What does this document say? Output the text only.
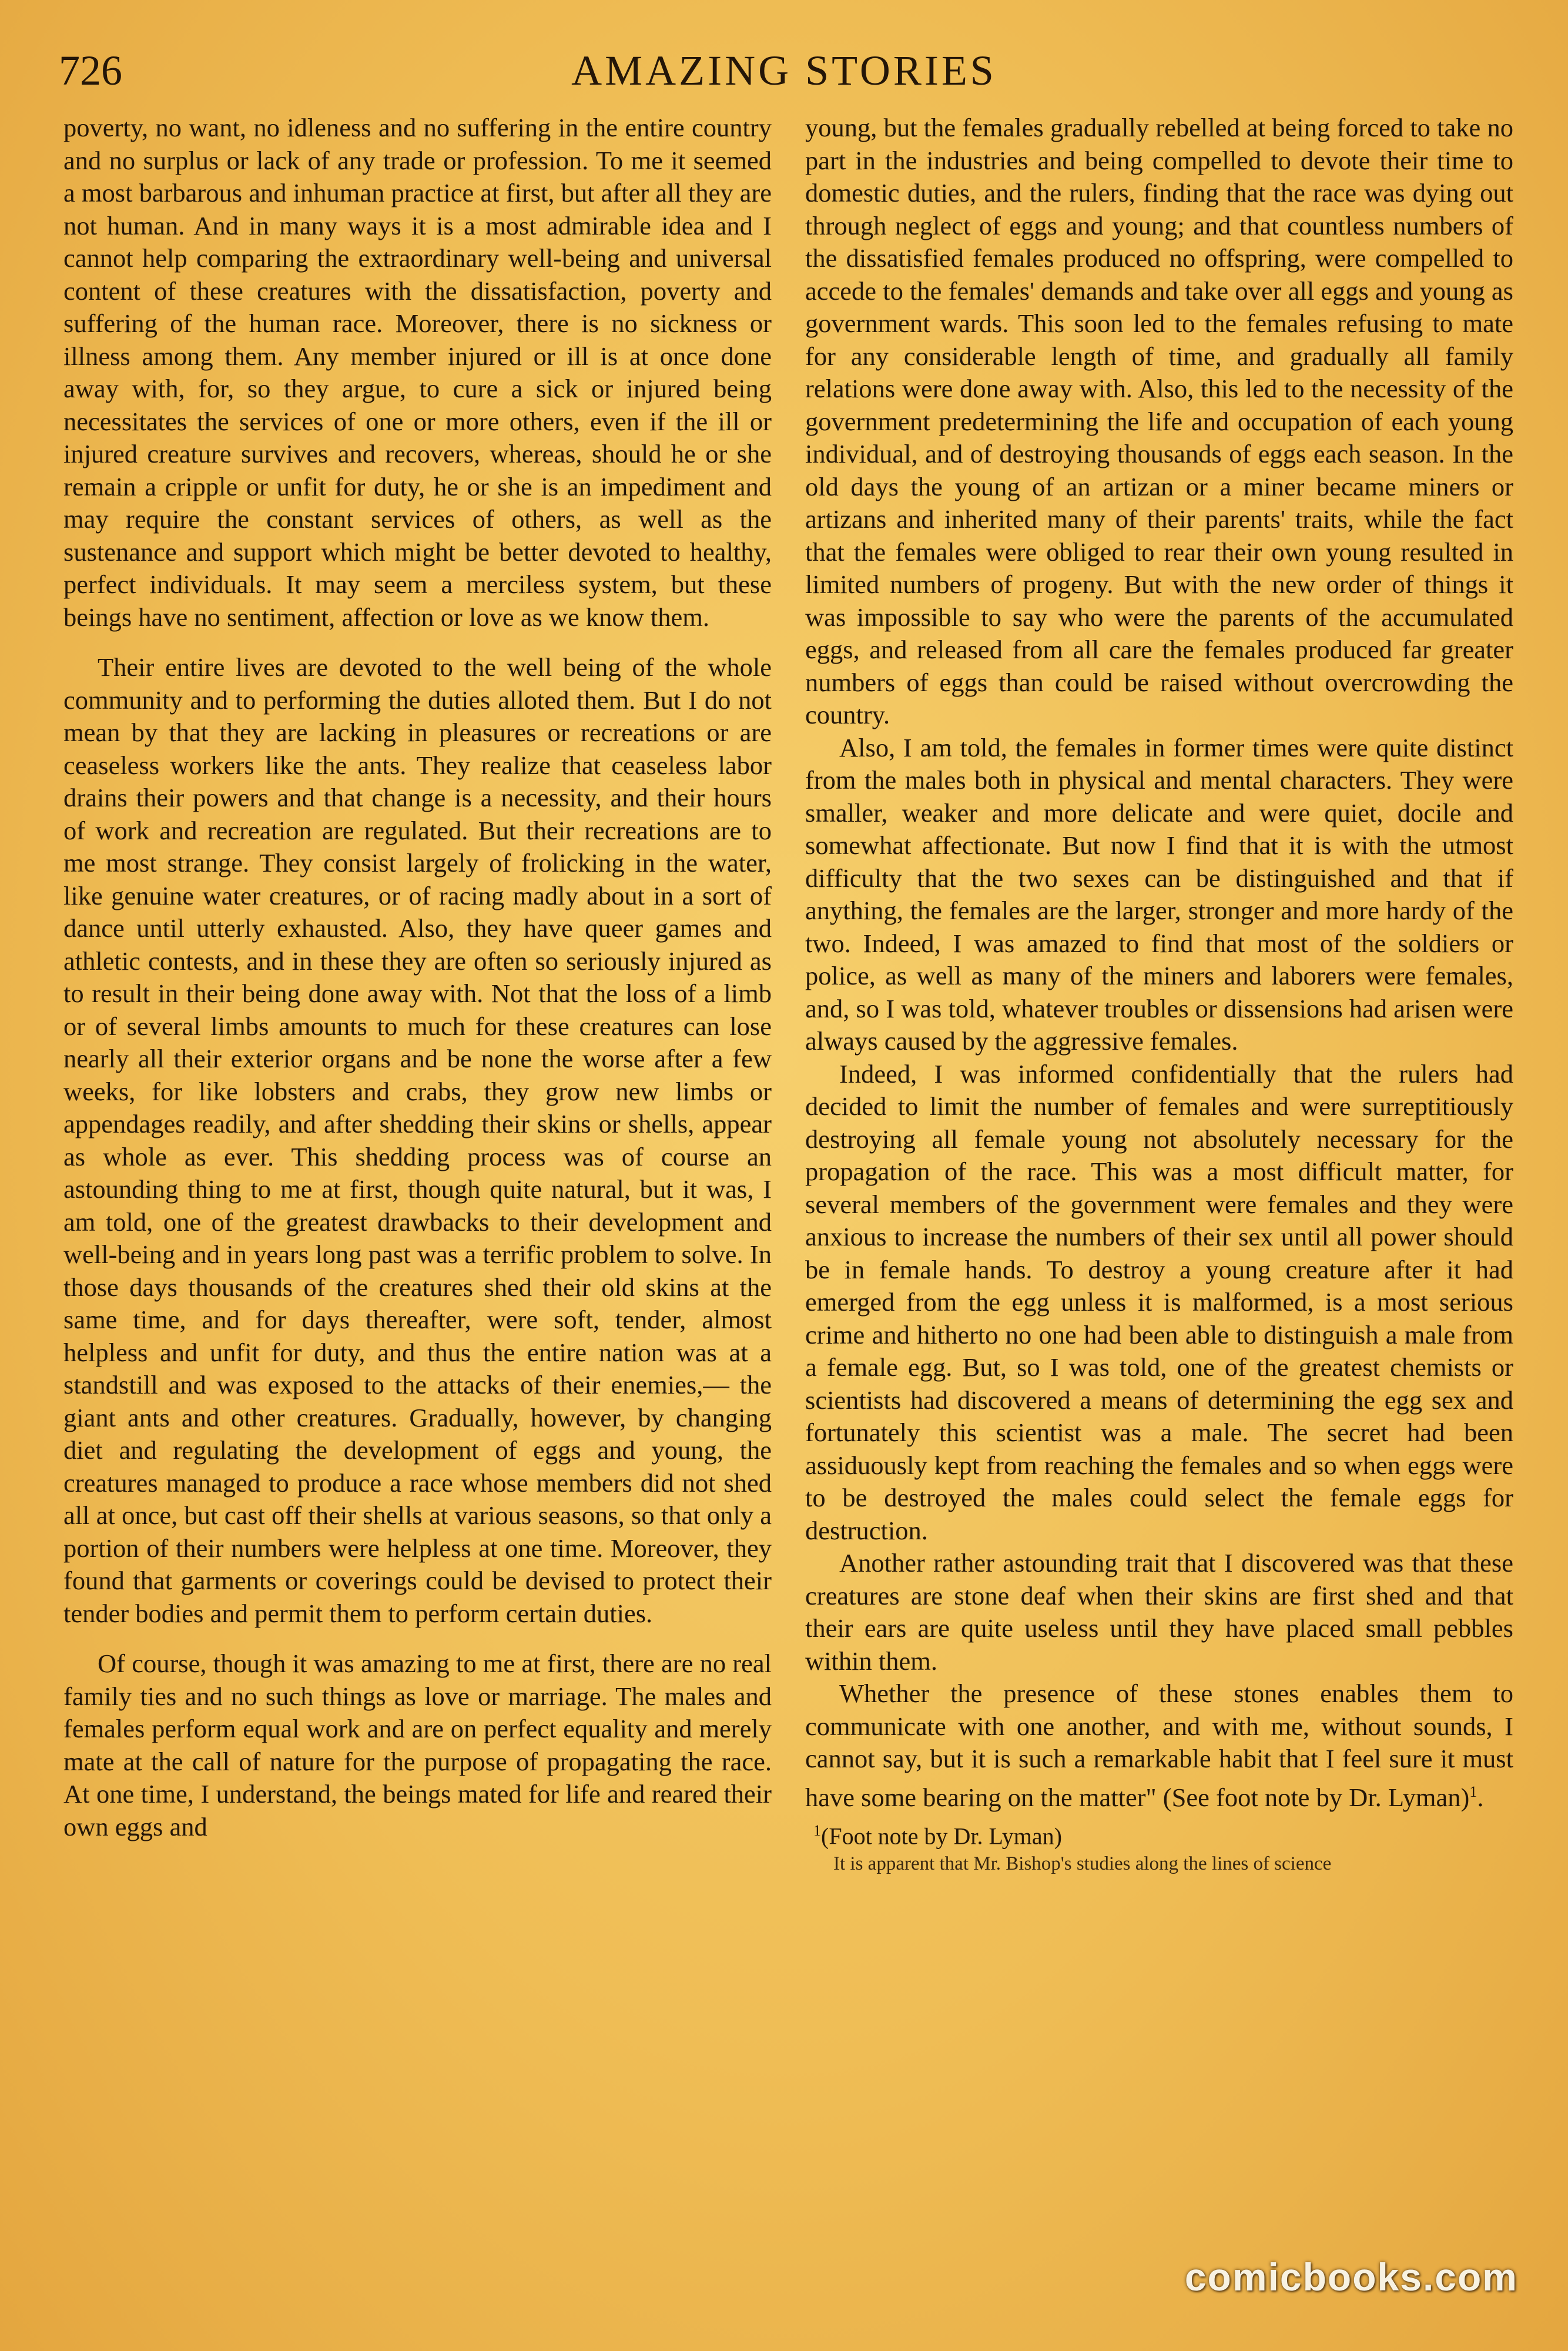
726	AMAZING STORIES

poverty, no want, no idleness and no suffering in the entire country and no surplus or lack of any trade or profession. To me it seemed a most barbarous and inhuman practice at first, but after all they are not human. And in many ways it is a most admirable idea and I cannot help comparing the extraordinary well-being and universal content of these creatures with the dissatisfaction, poverty and suffering of the human race. Moreover, there is no sickness or illness among them. Any member injured or ill is at once done away with, for, so they argue, to cure a sick or injured being necessitates the services of one or more others, even if the ill or injured creature survives and recovers, whereas, should he or she remain a cripple or unfit for duty, he or she is an impediment and may require the constant services of others, as well as the sustenance and support which might be better devoted to healthy, perfect individuals. It may seem a merciless system, but these beings have no sentiment, affection or love as we know them.

Their entire lives are devoted to the well being of the whole community and to performing the duties alloted them. But I do not mean by that they are lacking in pleasures or recreations or are ceaseless workers like the ants. They realize that ceaseless labor drains their powers and that change is a necessity, and their hours of work and recreation are regulated. But their recreations are to me most strange. They consist largely of frolicking in the water, like genuine water creatures, or of racing madly about in a sort of dance until utterly exhausted. Also, they have queer games and athletic contests, and in these they are often so seriously injured as to result in their being done away with. Not that the loss of a limb or of several limbs amounts to much for these creatures can lose nearly all their exterior organs and be none the worse after a few weeks, for like lobsters and crabs, they grow new limbs or appendages readily, and after shedding their skins or shells, appear as whole as ever. This shedding process was of course an astounding thing to me at first, though quite natural, but it was, I am told, one of the greatest drawbacks to their development and well-being and in years long past was a terrific problem to solve. In those days thousands of the creatures shed their old skins at the same time, and for days thereafter, were soft, tender, almost helpless and unfit for duty, and thus the entire nation was at a standstill and was exposed to the attacks of their enemies,— the giant ants and other creatures. Gradually, however, by changing diet and regulating the development of eggs and young, the creatures managed to produce a race whose members did not shed all at once, but cast off their shells at various seasons, so that only a portion of their numbers were helpless at one time. Moreover, they found that garments or coverings could be devised to protect their tender bodies and permit them to perform certain duties.

Of course, though it was amazing to me at first, there are no real family ties and no such things as love or marriage. The males and females perform equal work and are on perfect equality and merely mate at the call of nature for the purpose of propagating the race. At one time, I understand, the beings mated for life and reared their own eggs and

young, but the females gradually rebelled at being forced to take no part in the industries and being compelled to devote their time to domestic duties, and the rulers, finding that the race was dying out through neglect of eggs and young; and that countless numbers of the dissatisfied females produced no offspring, were compelled to accede to the females' demands and take over all eggs and young as government wards. This soon led to the females refusing to mate for any considerable length of time, and gradually all family relations were done away with. Also, this led to the necessity of the government predetermining the life and occupation of each young individual, and of destroying thousands of eggs each season. In the old days the young of an artizan or a miner became miners or artizans and inherited many of their parents' traits, while the fact that the females were obliged to rear their own young resulted in limited numbers of progeny. But with the new order of things it was impossible to say who were the parents of the accumulated eggs, and released from all care the females produced far greater numbers of eggs than could be raised without overcrowding the country.

Also, I am told, the females in former times were quite distinct from the males both in physical and mental characters. They were smaller, weaker and more delicate and were quiet, docile and somewhat affectionate. But now I find that it is with the utmost difficulty that the two sexes can be distinguished and that if anything, the females are the larger, stronger and more hardy of the two. Indeed, I was amazed to find that most of the soldiers or police, as well as many of the miners and laborers were females, and, so I was told, whatever troubles or dissensions had arisen were always caused by the aggressive females.

Indeed, I was informed confidentially that the rulers had decided to limit the number of females and were surreptitiously destroying all female young not absolutely necessary for the propagation of the race. This was a most difficult matter, for several members of the government were females and they were anxious to increase the numbers of their sex until all power should be in female hands. To destroy a young creature after it had emerged from the egg unless it is malformed, is a most serious crime and hitherto no one had been able to distinguish a male from a female egg. But, so I was told, one of the greatest chemists or scientists had discovered a means of determining the egg sex and fortunately this scientist was a male. The secret had been assiduously kept from reaching the females and so when eggs were to be destroyed the males could select the female eggs for destruction.

Another rather astounding trait that I discovered was that these creatures are stone deaf when their skins are first shed and that their ears are quite useless until they have placed small pebbles within them.

Whether the presence of these stones enables them to communicate with one another, and with me, without sounds, I cannot say, but it is such a remarkable habit that I feel sure it must have some bearing on the matter" (See foot note by Dr. Lyman)$^1$.

$^1$(Foot note by Dr. Lyman)
It is apparent that Mr. Bishop's studies along the lines of science
comicbooks.com
